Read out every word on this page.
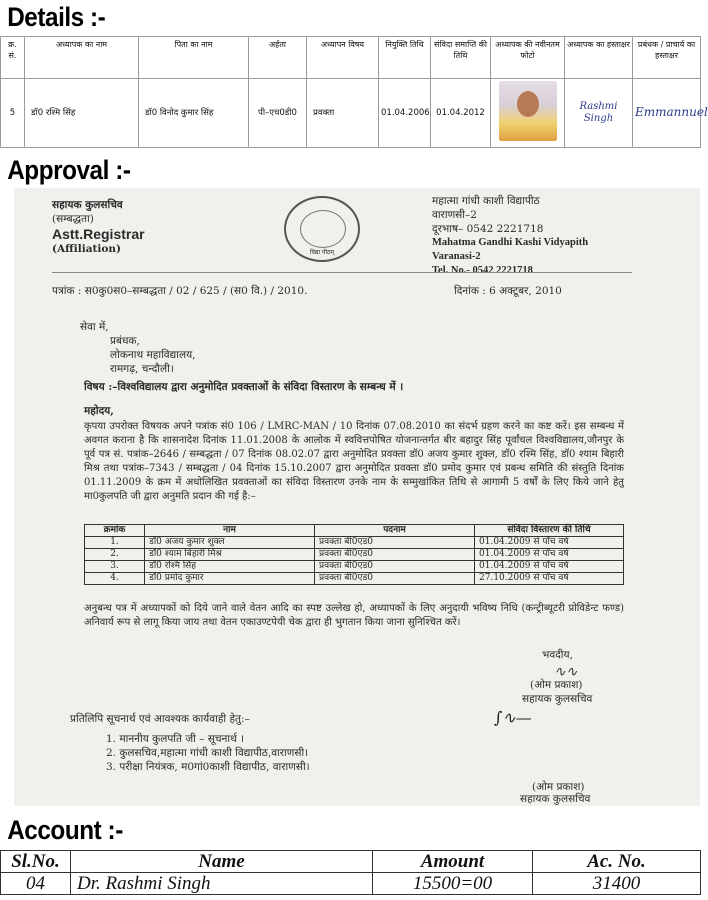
Details :-
क्र. सं.	अध्यापक का नाम	पिता का नाम	अर्हता	अध्यापन विषय	नियुक्ति तिथि	संविदा समाप्ति की तिथि	अध्यापक की नवीनतम फोटो	अध्यापक का हस्ताक्षर	प्रबंधक / प्राचार्य का हस्ताक्षर
5	डॉ0 रश्मि सिंह	डॉ0 विनोद कुमार सिंह	पी–एच0डी0	प्रवक्ता	01.04.2006	01.04.2012		Rashmi Singh	Emmannuel
Approval :-
सहायक कुलसचिव
(सम्बद्धता)
Astt.Registrar
(Affiliation)	विद्या पीठम्
महात्मा गांधी काशी विद्यापीठ
वाराणसी–2
दूरभाष– 0542 2221718
Mahatma Gandhi Kashi Vidyapith
Varanasi-2
Tel. No.- 0542 2221718
पत्रांक : स0कु0स0–सम्बद्धता / 02 / 625 / (स0 वि.) / 2010.	दिनांक : 6 अक्टूबर, 2010
सेवा में,
प्रबंधक,
लोकनाथ महाविद्यालय,
रामगढ़, चन्दौली।
विषय :–विश्वविद्यालय द्वारा अनुमोदित प्रवक्ताओं के संविदा विस्तारण के सम्बन्ध में ।
महोदय,
कृपया उपरोक्त विषयक अपने पत्रांक सं0 106 / LMRC-MAN / 10 दिनांक 07.08.2010 का संदर्भ ग्रहण करने का कष्ट करें। इस सम्बन्ध में अवगत कराना है कि शासनादेश दिनांक 11.01.2008 के आलोक में स्ववित्तपोषित योजनान्तर्गत बीर बहादुर सिंह पूर्वांचल विश्वविद्यालय,जौनपुर के पूर्व पत्र सं. पत्रांक–2646 / सम्बद्धता / 07 दिनांक 08.02.07 द्वारा अनुमोदित प्रवक्ता डॉ0 अजय कुमार शुक्ल, डॉ0 रश्मि सिंह, डॉ0 श्याम बिहारी मिश्र तथा पत्रांक–7343 / सम्बद्धता / 04 दिनांक 15.10.2007 द्वारा अनुमोदित प्रवक्ता डॉ0 प्रमोद कुमार एवं प्रबन्ध समिति की संस्तुति दिनांक 01.11.2009 के क्रम में अधोलिखित प्रवक्ताओं का संविदा विस्तारण उनके नाम के सम्मुखांकित तिथि से आगामी 5 वर्षों के लिए किये जाने हेतु मा0कुलपति जी द्वारा अनुमति प्रदान की गई है:–
क्रमांक	नाम	पदनाम	संविदा विस्तारण की तिथि
1.	डॉ0 अजय कुमार शुक्ल	प्रवक्ता बी0एड0	01.04.2009 से पाँच वर्ष
2.	डॉ0 श्याम बिहारी मिश्र	प्रवक्ता बी0एड0	01.04.2009 से पाँच वर्ष
3.	डॉ0 रश्मि सिंह	प्रवक्ता बी0एड0	01.04.2009 से पाँच वर्ष
4.	डॉ0 प्रमोद कुमार	प्रवक्ता बी0एड0	27.10.2009 से पाँच वर्ष
अनुबन्ध पत्र में अध्यापकों को दिये जाने वाले वेतन आदि का स्पष्ट उल्लेख हो, अध्यापकों के लिए अनुदायी भविष्य निधि (कन्ट्रीब्यूटरी प्रोविडेन्ट फण्ड) अनिवार्य रूप से लागू किया जाय तथा वेतन एकाउण्टपेयी चेक द्वारा ही भुगतान किया जाना सुनिश्चित करें।
भवदीय,
∿∿
(ओम प्रकाश)
सहायक कुलसचिव
∫∿—
प्रतिलिपि सूचनार्थ एवं आवश्यक कार्यवाही हेतु:–
1. माननीय कुलपति जी – सूचनार्थ ।
2. कुलसचिव,महात्मा गांधी काशी विद्यापीठ,वाराणसी।
3. परीक्षा नियंत्रक, म0गां0काशी विद्यापीठ, वाराणसी।
(ओम प्रकाश)
सहायक कुलसचिव
Account :-
Sl.No.	Name	Amount	Ac. No.
04	Dr. Rashmi Singh	15500=00	31400
